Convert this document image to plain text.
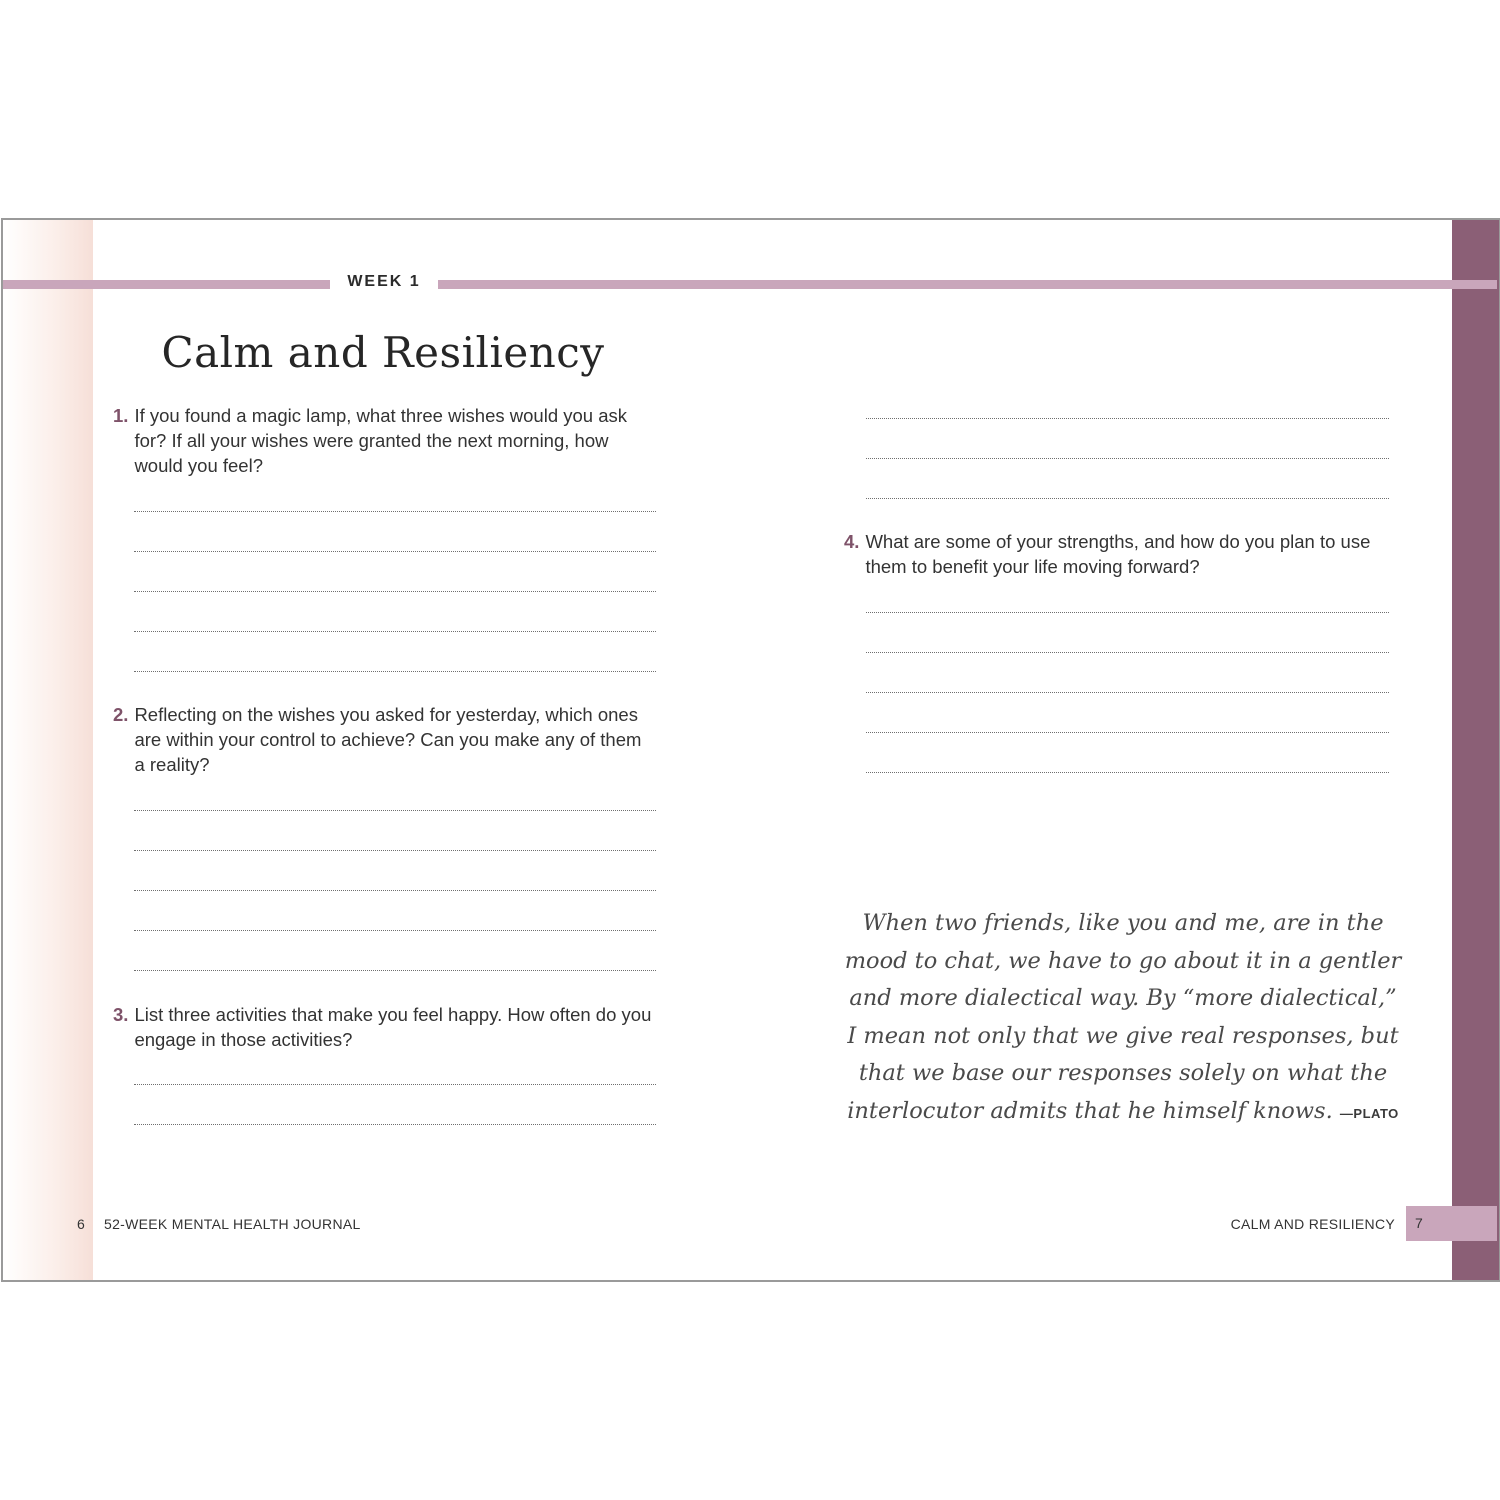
WEEK 1
Calm and Resiliency
1. If you found a magic lamp, what three wishes would you ask for? If all your wishes were granted the next morning, how would you feel?
2. Reflecting on the wishes you asked for yesterday, which ones are within your control to achieve? Can you make any of them a reality?
3. List three activities that make you feel happy. How often do you engage in those activities?
4. What are some of your strengths, and how do you plan to use them to benefit your life moving forward?
When two friends, like you and me, are in the mood to chat, we have to go about it in a gentler and more dialectical way. By “more dialectical,” I mean not only that we give real responses, but that we base our responses solely on what the interlocutor admits that he himself knows. —PLATO
6 52-WEEK MENTAL HEALTH JOURNAL	CALM AND RESILIENCY 7
